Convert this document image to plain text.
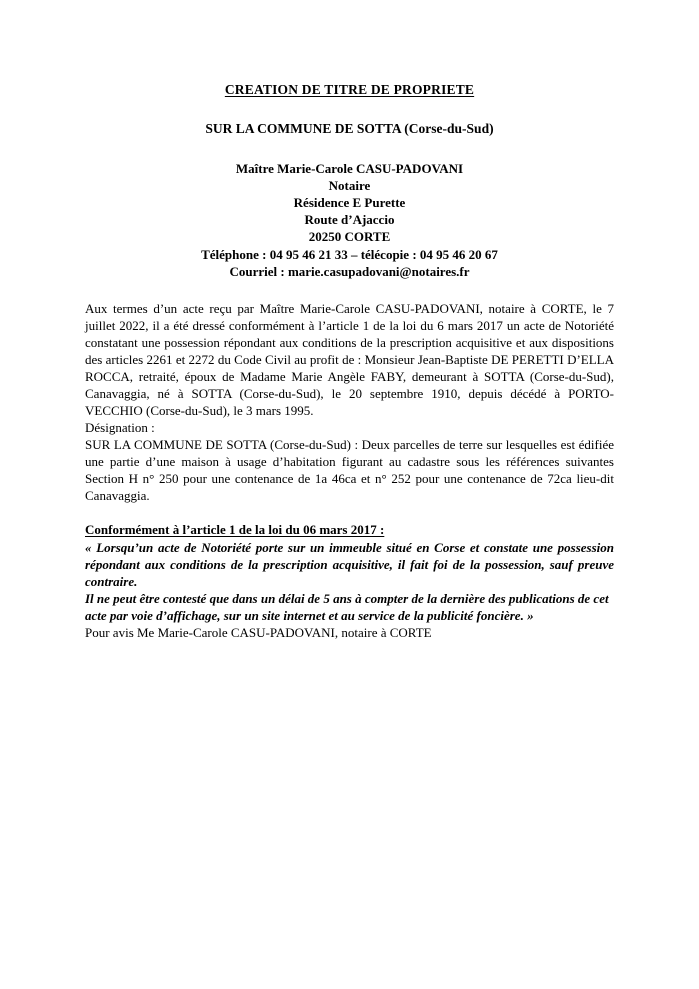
CREATION DE TITRE DE PROPRIETE
SUR LA COMMUNE DE SOTTA (Corse-du-Sud)
Maître Marie-Carole CASU-PADOVANI
Notaire
Résidence E Purette
Route d’Ajaccio
20250 CORTE
Téléphone : 04 95 46 21 33 – télécopie : 04 95 46 20 67
Courriel : marie.casupadovani@notaires.fr
Aux termes d’un acte reçu par Maître Marie-Carole CASU-PADOVANI, notaire à CORTE, le 7 juillet 2022, il a été dressé conformément à l’article 1 de la loi du 6 mars 2017 un acte de Notoriété constatant une possession répondant aux conditions de la prescription acquisitive et aux dispositions des articles 2261 et 2272 du Code Civil au profit de : Monsieur Jean-Baptiste DE PERETTI D’ELLA ROCCA, retraité, époux de Madame Marie Angèle FABY, demeurant à SOTTA (Corse-du-Sud), Canavaggia, né à SOTTA (Corse-du-Sud), le 20 septembre 1910, depuis décédé à PORTO-VECCHIO (Corse-du-Sud), le 3 mars 1995.
Désignation :
SUR LA COMMUNE DE SOTTA (Corse-du-Sud) : Deux parcelles de terre sur lesquelles est édifiée une partie d’une maison à usage d’habitation figurant au cadastre sous les références suivantes Section H n° 250 pour une contenance de 1a 46ca et n° 252 pour une contenance de 72ca lieu-dit Canavaggia.
Conformément à l’article 1 de la loi du 06 mars 2017 :
« Lorsqu’un acte de Notoriété porte sur un immeuble situé en Corse et constate une possession répondant aux conditions de la prescription acquisitive, il fait foi de la possession, sauf preuve contraire.
Il ne peut être contesté que dans un délai de 5 ans à compter de la dernière des publications de cet acte par voie d’affichage, sur un site internet et au service de la publicité foncière. »
Pour avis Me Marie-Carole CASU-PADOVANI, notaire à CORTE
